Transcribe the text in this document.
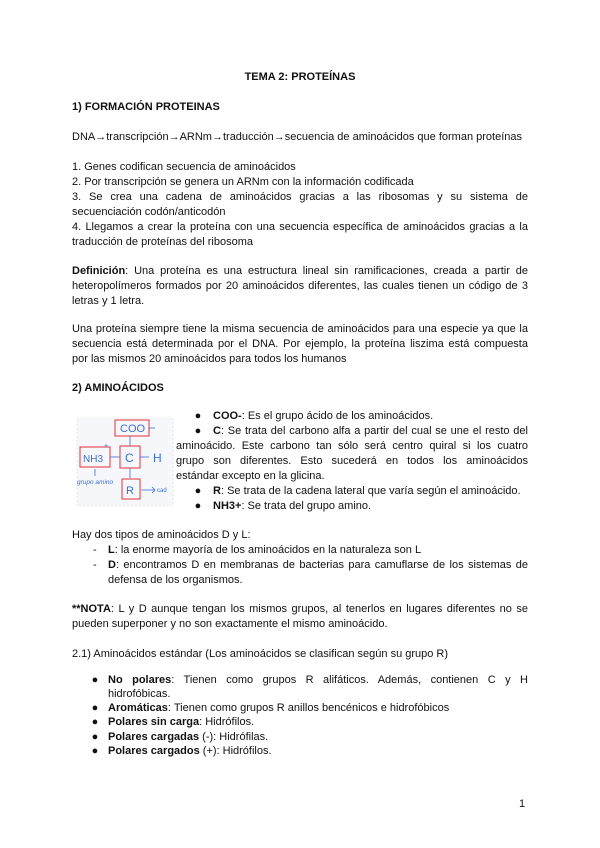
TEMA 2: PROTEÍNAS
1) FORMACIÓN PROTEINAS
DNA→transcripción→ARNm→traducción→secuencia de aminoácidos que forman proteínas
1. Genes codifican secuencia de aminoácidos
2. Por transcripción se genera un ARNm con la información codificada
3. Se crea una cadena de aminoácidos gracias a las ribosomas y su sistema de
secuenciación codón/anticodón
4. Llegamos a crear la proteína con una secuencia específica de aminoácidos gracias a la
traducción de proteínas del ribosoma
Definición: Una proteína es una estructura lineal sin ramificaciones, creada a partir de
heteropolímeros formados por 20 aminoácidos diferentes, las cuales tienen un código de 3
letras y 1 letra.
Una proteína siempre tiene la misma secuencia de aminoácidos para una especie ya que la
secuencia está determinada por el DNA. Por ejemplo, la proteína liszima está compuesta
por las mismos 20 aminoácidos para todos los humanos
2) AMINOÁCIDOS
COO
NH3
+
C H
R	cad
grupo amino
● COO-: Es el grupo ácido de los aminoácidos.
● C: Se trata del carbono alfa a partir del cual se une el resto del
aminoácido. Este carbono tan sólo será centro quiral si los cuatro
grupo son diferentes. Esto sucederá en todos los aminoácidos
estándar excepto en la glicina.
● R: Se trata de la cadena lateral que varía según el aminoácido.
● NH3+: Se trata del grupo amino.
Hay dos tipos de aminoácidos D y L:
- L: la enorme mayoría de los aminoácidos en la naturaleza son L
- D: encontramos D en membranas de bacterias para camuflarse de los sistemas de
defensa de los organismos.
**NOTA: L y D aunque tengan los mismos grupos, al tenerlos en lugares diferentes no se
pueden superponer y no son exactamente el mismo aminoácido.
2.1) Aminoácidos estándar (Los aminoácidos se clasifican según su grupo R)
● No polares: Tienen como grupos R alifáticos. Además, contienen C y H
hidrofóbicas.
● Aromáticas: Tienen como grupos R anillos bencénicos e hidrofóbicos
● Polares sin carga: Hidrófilos.
● Polares cargadas (-): Hidrófilas.
● Polares cargados (+): Hidrófilos.
1
